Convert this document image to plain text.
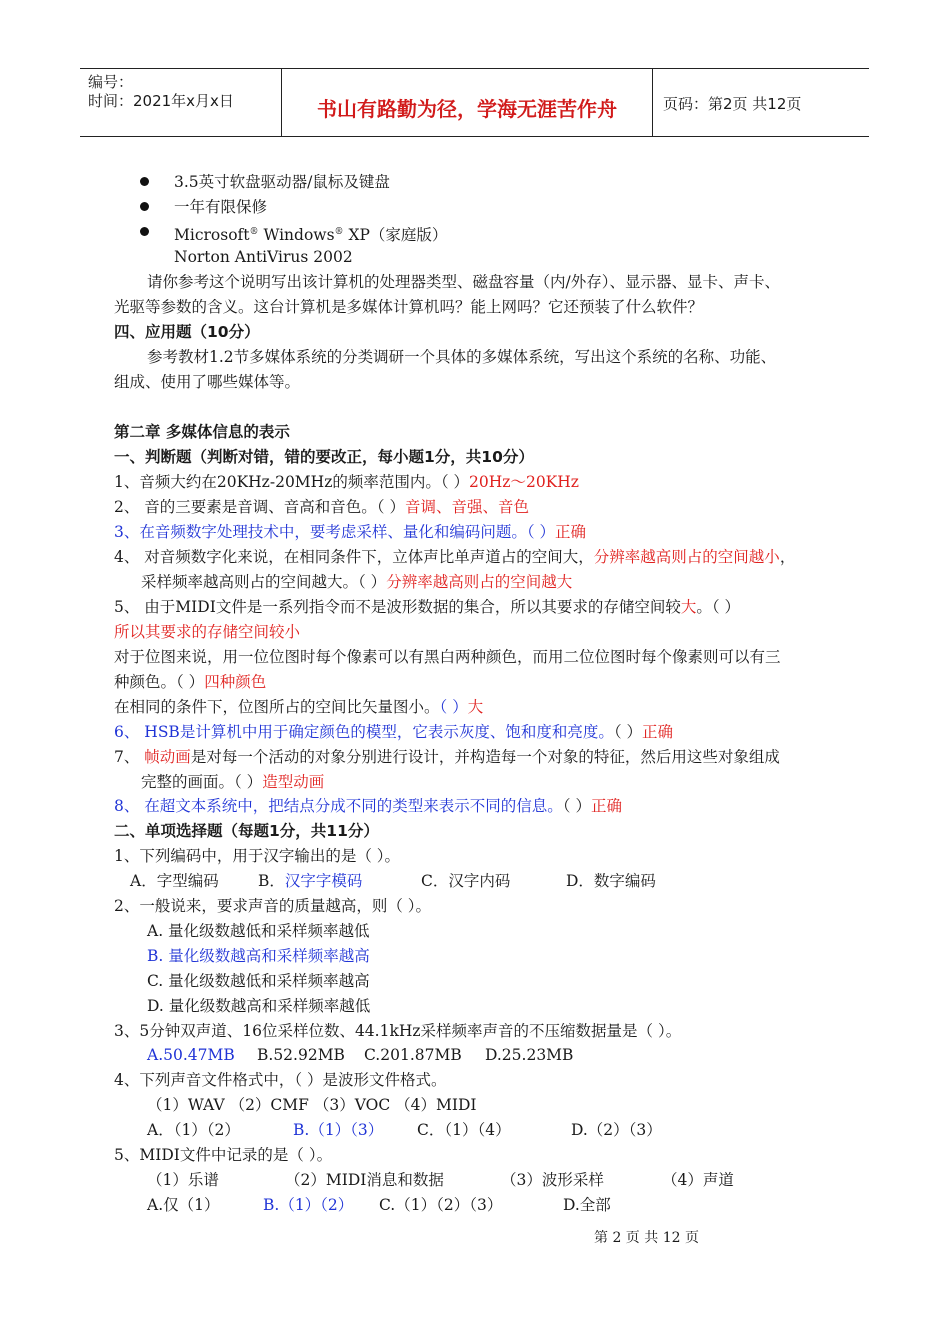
编号：
时间：2021年x月x日	书山有路勤为径，学海无涯苦作舟	页码：第2页 共12页
3.5英寸软盘驱动器/鼠标及键盘
一年有限保修
Microsoft® Windows® XP（家庭版）
Norton AntiVirus 2002
请你参考这个说明写出该计算机的处理器类型、磁盘容量（内/外存）、显示器、显卡、声卡、
光驱等参数的含义。这台计算机是多媒体计算机吗？能上网吗？它还预装了什么软件？
四、应用题（10分）
参考教材1.2节多媒体系统的分类调研一个具体的多媒体系统，写出这个系统的名称、功能、
组成、使用了哪些媒体等。
第二章 多媒体信息的表示
一、判断题（判断对错，错的要改正，每小题1分，共10分）
1、音频大约在20KHz-20MHz的频率范围内。（ ）20Hz～20KHz
2、 音的三要素是音调、音高和音色。（ ）音调、音强、音色
3、在音频数字处理技术中，要考虑采样、量化和编码问题。（ ）正确
4、 对音频数字化来说，在相同条件下，立体声比单声道占的空间大，分辨率越高则占的空间越小，
采样频率越高则占的空间越大。（ ）分辨率越高则占的空间越大
5、 由于MIDI文件是一系列指令而不是波形数据的集合，所以其要求的存储空间较大。（ ）
所以其要求的存储空间较小
对于位图来说，用一位位图时每个像素可以有黑白两种颜色，而用二位位图时每个像素则可以有三
种颜色。（ ）四种颜色
在相同的条件下，位图所占的空间比矢量图小。（ ）大
6、 HSB是计算机中用于确定颜色的模型，它表示灰度、饱和度和亮度。（ ）正确
7、 帧动画是对每一个活动的对象分别进行设计，并构造每一个对象的特征，然后用这些对象组成
完整的画面。（ ）造型动画
8、 在超文本系统中，把结点分成不同的类型来表示不同的信息。（ ）正确
二、单项选择题（每题1分，共11分）
1、下列编码中，用于汉字输出的是（ ）。
A．字型编码	B．汉字字模码	C．汉字内码	D．数字编码
2、一般说来，要求声音的质量越高，则（ ）。
A. 量化级数越低和采样频率越低
B. 量化级数越高和采样频率越高
C. 量化级数越低和采样频率越高
D. 量化级数越高和采样频率越低
3、5分钟双声道、16位采样位数、44.1kHz采样频率声音的不压缩数据量是（ ）。
A.50.47MB B.52.92MB C.201.87MB D.25.23MB
4、下列声音文件格式中，（ ）是波形文件格式。
（1）WAV （2）CMF （3）VOC （4）MIDI
A．（1）（2）	B.（1）（3） C．（1）（4）	D.（2）（3）
5、MIDI文件中记录的是（ ）。
（1）乐谱	（2）MIDI消息和数据	（3）波形采样	（4）声道
A.仅（1）	B.（1）（2） C.（1）（2）（3）	D.全部
第 2 页 共 12 页
